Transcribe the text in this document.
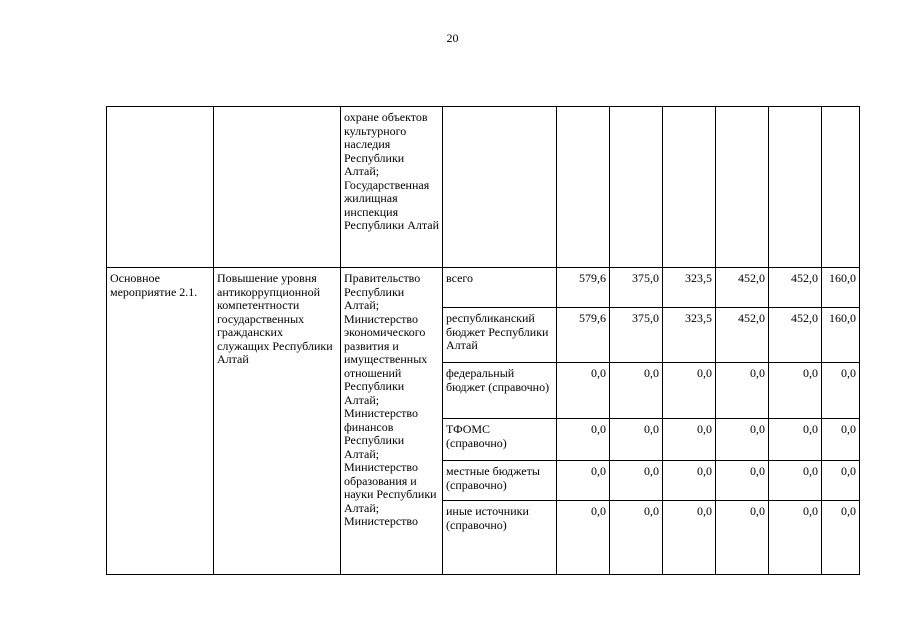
20
		охране объектов культурного наследия Республики Алтай; Государственная жилищная инспекция Республики Алтай							
Основное мероприятие 2.1.	Повышение уровня антикоррупционной компетентности государственных гражданских служащих Республики Алтай	Правительство Республики Алтай; Министерство экономического развития и имущественных отношений Республики Алтай; Министерство финансов Республики Алтай; Министерство образования и науки Республики Алтай; Министерство	всего	579,6	375,0	323,5	452,0	452,0	160,0
			республиканский бюджет Республики Алтай	579,6	375,0	323,5	452,0	452,0	160,0
			федеральный бюджет (справочно)	0,0	0,0	0,0	0,0	0,0	0,0
			ТФОМС (справочно)	0,0	0,0	0,0	0,0	0,0	0,0
			местные бюджеты (справочно)	0,0	0,0	0,0	0,0	0,0	0,0
			иные источники (справочно)	0,0	0,0	0,0	0,0	0,0	0,0
